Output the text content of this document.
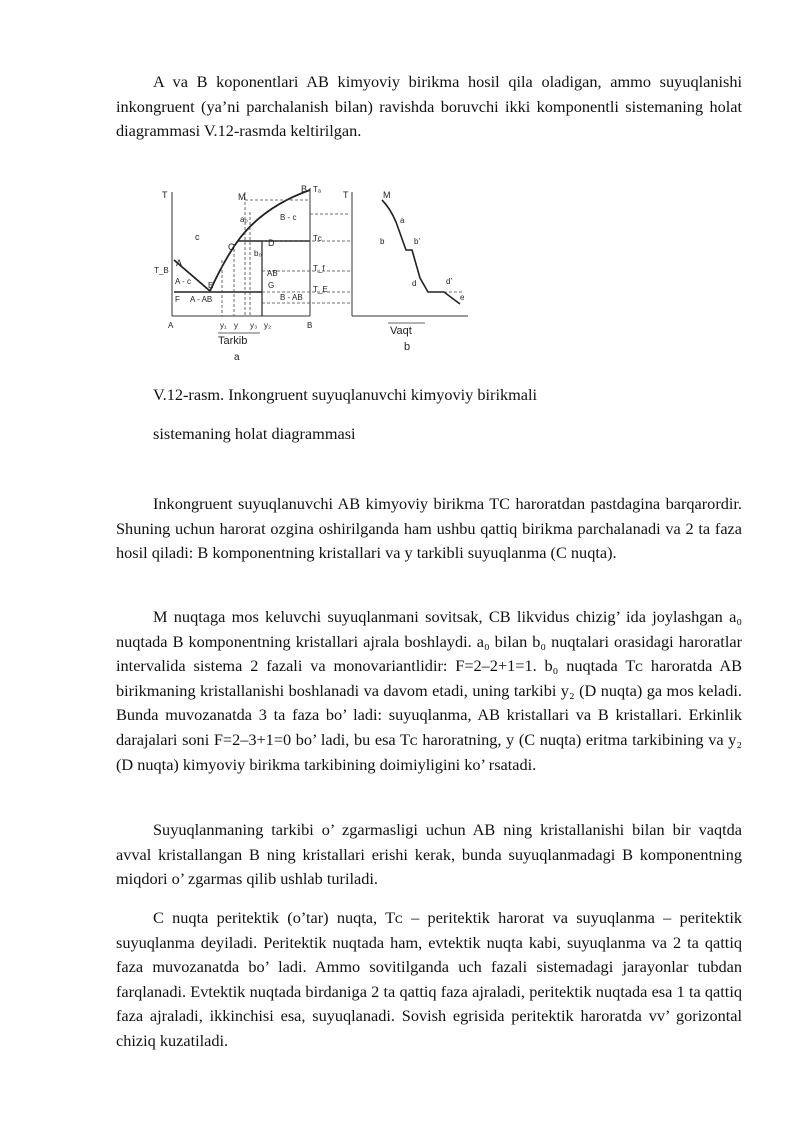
A va B koponentlari AB kimyoviy birikma hosil qila oladigan, ammo suyuqlanishi inkongruent (ya’ni parchalanish bilan) ravishda boruvchi ikki komponentli sistemaning holat diagrammasi V.12-rasmda keltirilgan.

T	M
B Tₐ
Tᴄ
T_f
T_E
T_B
A
C	D
E	G
F
c
B - c
A - c
A - AB	B - AB
AB
b₀
a₀
A	y₁ y y₃ y₂	B
Tarkib
a
T	M
a
b	b’
d	d’
e
Vaqt
b

V.12-rasm. Inkongruent suyuqlanuvchi kimyoviy birikmali

sistemaning holat diagrammasi

Inkongruent suyuqlanuvchi AB kimyoviy birikma TC haroratdan pastdagina barqarordir. Shuning uchun harorat ozgina oshirilganda ham ushbu qattiq birikma parchalanadi va 2 ta faza hosil qiladi: B komponentning kristallari va y tarkibli suyuqlanma (C nuqta).

M nuqtaga mos keluvchi suyuqlanmani sovitsak, CB likvidus chizig’ ida joylashgan a₀ nuqtada B komponentning kristallari ajrala boshlaydi. a₀ bilan b₀ nuqtalari orasidagi haroratlar intervalida sistema 2 fazali va monovariantlidir: F=2–2+1=1. b₀ nuqtada Tᴄ haroratda AB birikmaning kristallanishi boshlanadi va davom etadi, uning tarkibi y₂ (D nuqta) ga mos keladi. Bunda muvozanatda 3 ta faza bo’ ladi: suyuqlanma, AB kristallari va B kristallari. Erkinlik darajalari soni F=2–3+1=0 bo’ ladi, bu esa Tᴄ haroratning, y (C nuqta) eritma tarkibining va y₂ (D nuqta) kimyoviy birikma tarkibining doimiyligini ko’ rsatadi.

Suyuqlanmaning tarkibi o’ zgarmasligi uchun AB ning kristallanishi bilan bir vaqtda avval kristallangan B ning kristallari erishi kerak, bunda suyuqlanmadagi B komponentning miqdori o’ zgarmas qilib ushlab turiladi.

C nuqta peritektik (o’tar) nuqta, Tᴄ – peritektik harorat va suyuqlanma – peritektik suyuqlanma deyiladi. Peritektik nuqtada ham, evtektik nuqta kabi, suyuqlanma va 2 ta qattiq faza muvozanatda bo’ ladi. Ammo sovitilganda uch fazali sistemadagi jarayonlar tubdan farqlanadi. Evtektik nuqtada birdaniga 2 ta qattiq faza ajraladi, peritektik nuqtada esa 1 ta qattiq faza ajraladi, ikkinchisi esa, suyuqlanadi. Sovish egrisida peritektik haroratda vv’ gorizontal chiziq kuzatiladi.
